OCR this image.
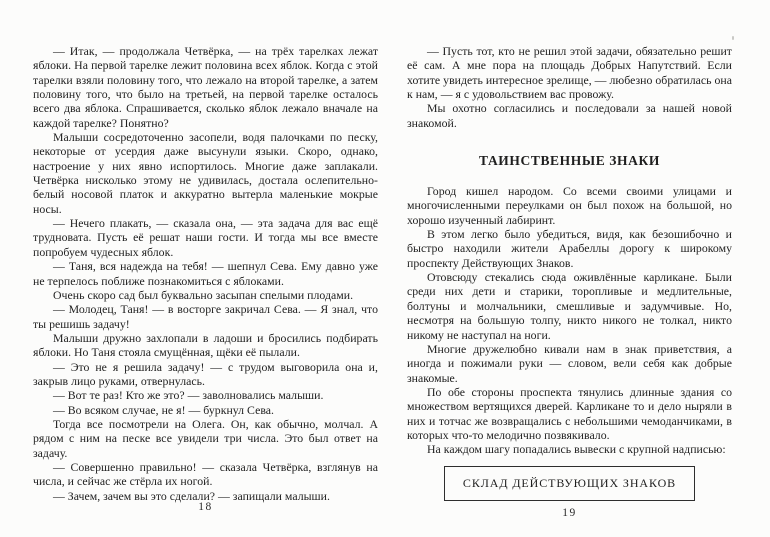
— Итак, — продолжала Четвёрка, — на трёх тарелках лежат яблоки. На первой тарелке лежит половина всех яблок. Когда с этой тарелки взяли половину того, что лежало на второй тарелке, а затем половину того, что было на третьей, на первой тарелке осталось всего два яблока. Спрашивается, сколько яблок лежало вначале на каждой тарелке? Понятно?

Малыши сосредоточенно засопели, водя палочками по песку, некоторые от усердия даже высунули языки. Скоро, однако, настроение у них явно испортилось. Многие даже заплакали. Четвёрка нисколько этому не удивилась, достала ослепительно-белый носовой платок и аккуратно вытерла маленькие мокрые носы.

— Нечего плакать, — сказала она, — эта задача для вас ещё трудновата. Пусть её решат наши гости. И тогда мы все вместе попробуем чудесных яблок.

— Таня, вся надежда на тебя! — шепнул Сева. Ему давно уже не терпелось поближе познакомиться с яблоками.

Очень скоро сад был буквально засыпан спелыми плодами.

— Молодец, Таня! — в восторге закричал Сева. — Я знал, что ты решишь задачу!

Малыши дружно захлопали в ладоши и бросились подбирать яблоки. Но Таня стояла смущённая, щёки её пылали.

— Это не я решила задачу! — с трудом выговорила она и, закрыв лицо руками, отвернулась.

— Вот те раз! Кто же это? — заволновались малыши.

— Во всяком случае, не я! — буркнул Сева.

Тогда все посмотрели на Олега. Он, как обычно, молчал. А рядом с ним на песке все увидели три числа. Это был ответ на задачу.

— Совершенно правильно! — сказала Четвёрка, взглянув на числа, и сейчас же стёрла их ногой.

— Зачем, зачем вы это сделали? — запищали малыши.

18

— Пусть тот, кто не решил этой задачи, обязательно решит её сам. А мне пора на площадь Добрых Напутствий. Если хотите увидеть интересное зрелище, — любезно обратилась она к нам, — я с удовольствием вас провожу.

Мы охотно согласились и последовали за нашей новой знакомой.

ТАИНСТВЕННЫЕ ЗНАКИ

Город кишел народом. Со всеми своими улицами и многочисленными переулками он был похож на большой, но хорошо изученный лабиринт.

В этом легко было убедиться, видя, как безошибочно и быстро находили жители Арабеллы дорогу к широкому проспекту Действующих Знаков.

Отовсюду стекались сюда оживлённые карликане. Были среди них дети и старики, торопливые и медлительные, болтуны и молчальники, смешливые и задумчивые. Но, несмотря на большую толпу, никто никого не толкал, никто никому не наступал на ноги.

Многие дружелюбно кивали нам в знак приветствия, а иногда и пожимали руки — словом, вели себя как добрые знакомые.

По обе стороны проспекта тянулись длинные здания со множеством вертящихся дверей. Карликане то и дело ныряли в них и тотчас же возвращались с небольшими чемоданчиками, в которых что-то мелодично позвякивало.

На каждом шагу попадались вывески с крупной надписью:

СКЛАД ДЕЙСТВУЮЩИХ ЗНАКОВ
19
